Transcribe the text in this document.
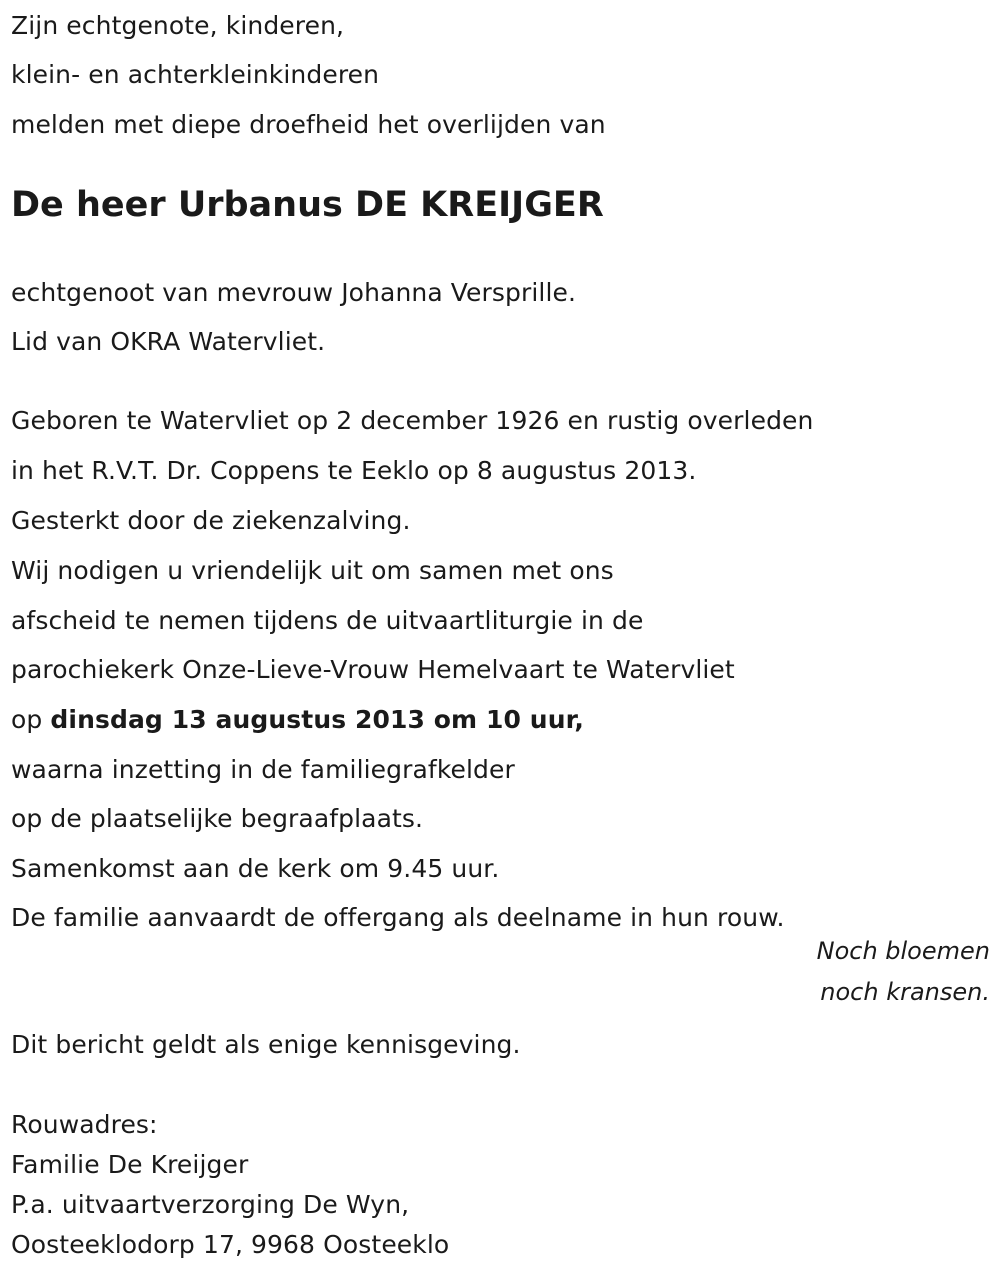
Zijn echtgenote, kinderen,
klein- en achterkleinkinderen
melden met diepe droefheid het overlijden van
De heer Urbanus DE KREIJGER
echtgenoot van mevrouw Johanna Versprille.
Lid van OKRA Watervliet.
Geboren te Watervliet op 2 december 1926 en rustig overleden
in het R.V.T. Dr. Coppens te Eeklo op 8 augustus 2013.
Gesterkt door de ziekenzalving.
Wij nodigen u vriendelijk uit om samen met ons
afscheid te nemen tijdens de uitvaartliturgie in de
parochiekerk Onze-Lieve-Vrouw Hemelvaart te Watervliet
op dinsdag 13 augustus 2013 om 10 uur,
waarna inzetting in de familiegrafkelder
op de plaatselijke begraafplaats.
Samenkomst aan de kerk om 9.45 uur.
De familie aanvaardt de offergang als deelname in hun rouw.
Noch bloemen
noch kransen.
Dit bericht geldt als enige kennisgeving.
Rouwadres:
Familie De Kreijger
P.a. uitvaartverzorging De Wyn,
Oosteeklodorp 17, 9968 Oosteeklo
